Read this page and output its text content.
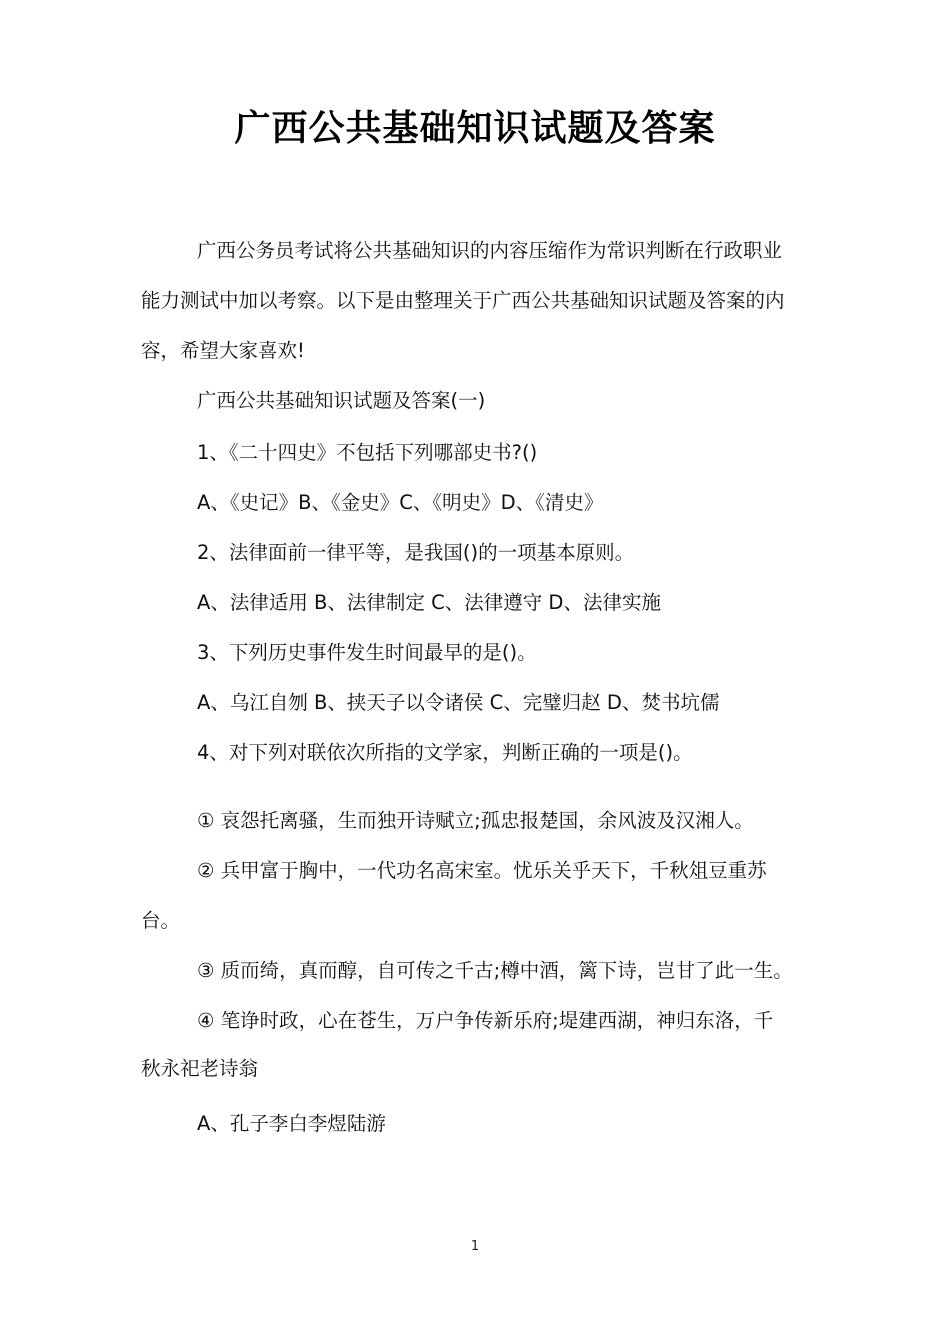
广西公共基础知识试题及答案
广西公务员考试将公共基础知识的内容压缩作为常识判断在行政职业
能力测试中加以考察。以下是由整理关于广西公共基础知识试题及答案的内
容，希望大家喜欢!
广西公共基础知识试题及答案(一)
1、《二十四史》不包括下列哪部史书?()
A、《史记》B、《金史》C、《明史》D、《清史》
2、法律面前一律平等，是我国()的一项基本原则。
A、法律适用 B、法律制定 C、法律遵守 D、法律实施
3、下列历史事件发生时间最早的是()。
A、乌江自刎 B、挟天子以令诸侯 C、完璧归赵 D、焚书坑儒
4、对下列对联依次所指的文学家，判断正确的一项是()。
① 哀怨托离骚，生而独开诗赋立;孤忠报楚国，余风波及汉湘人。
② 兵甲富于胸中，一代功名高宋室。忧乐关乎天下，千秋俎豆重苏
台。
③ 质而绮，真而醇，自可传之千古;樽中酒，篱下诗，岂甘了此一生。
④ 笔诤时政，心在苍生，万户争传新乐府;堤建西湖，神归东洛，千
秋永祀老诗翁
A、孔子李白李煜陆游
1
